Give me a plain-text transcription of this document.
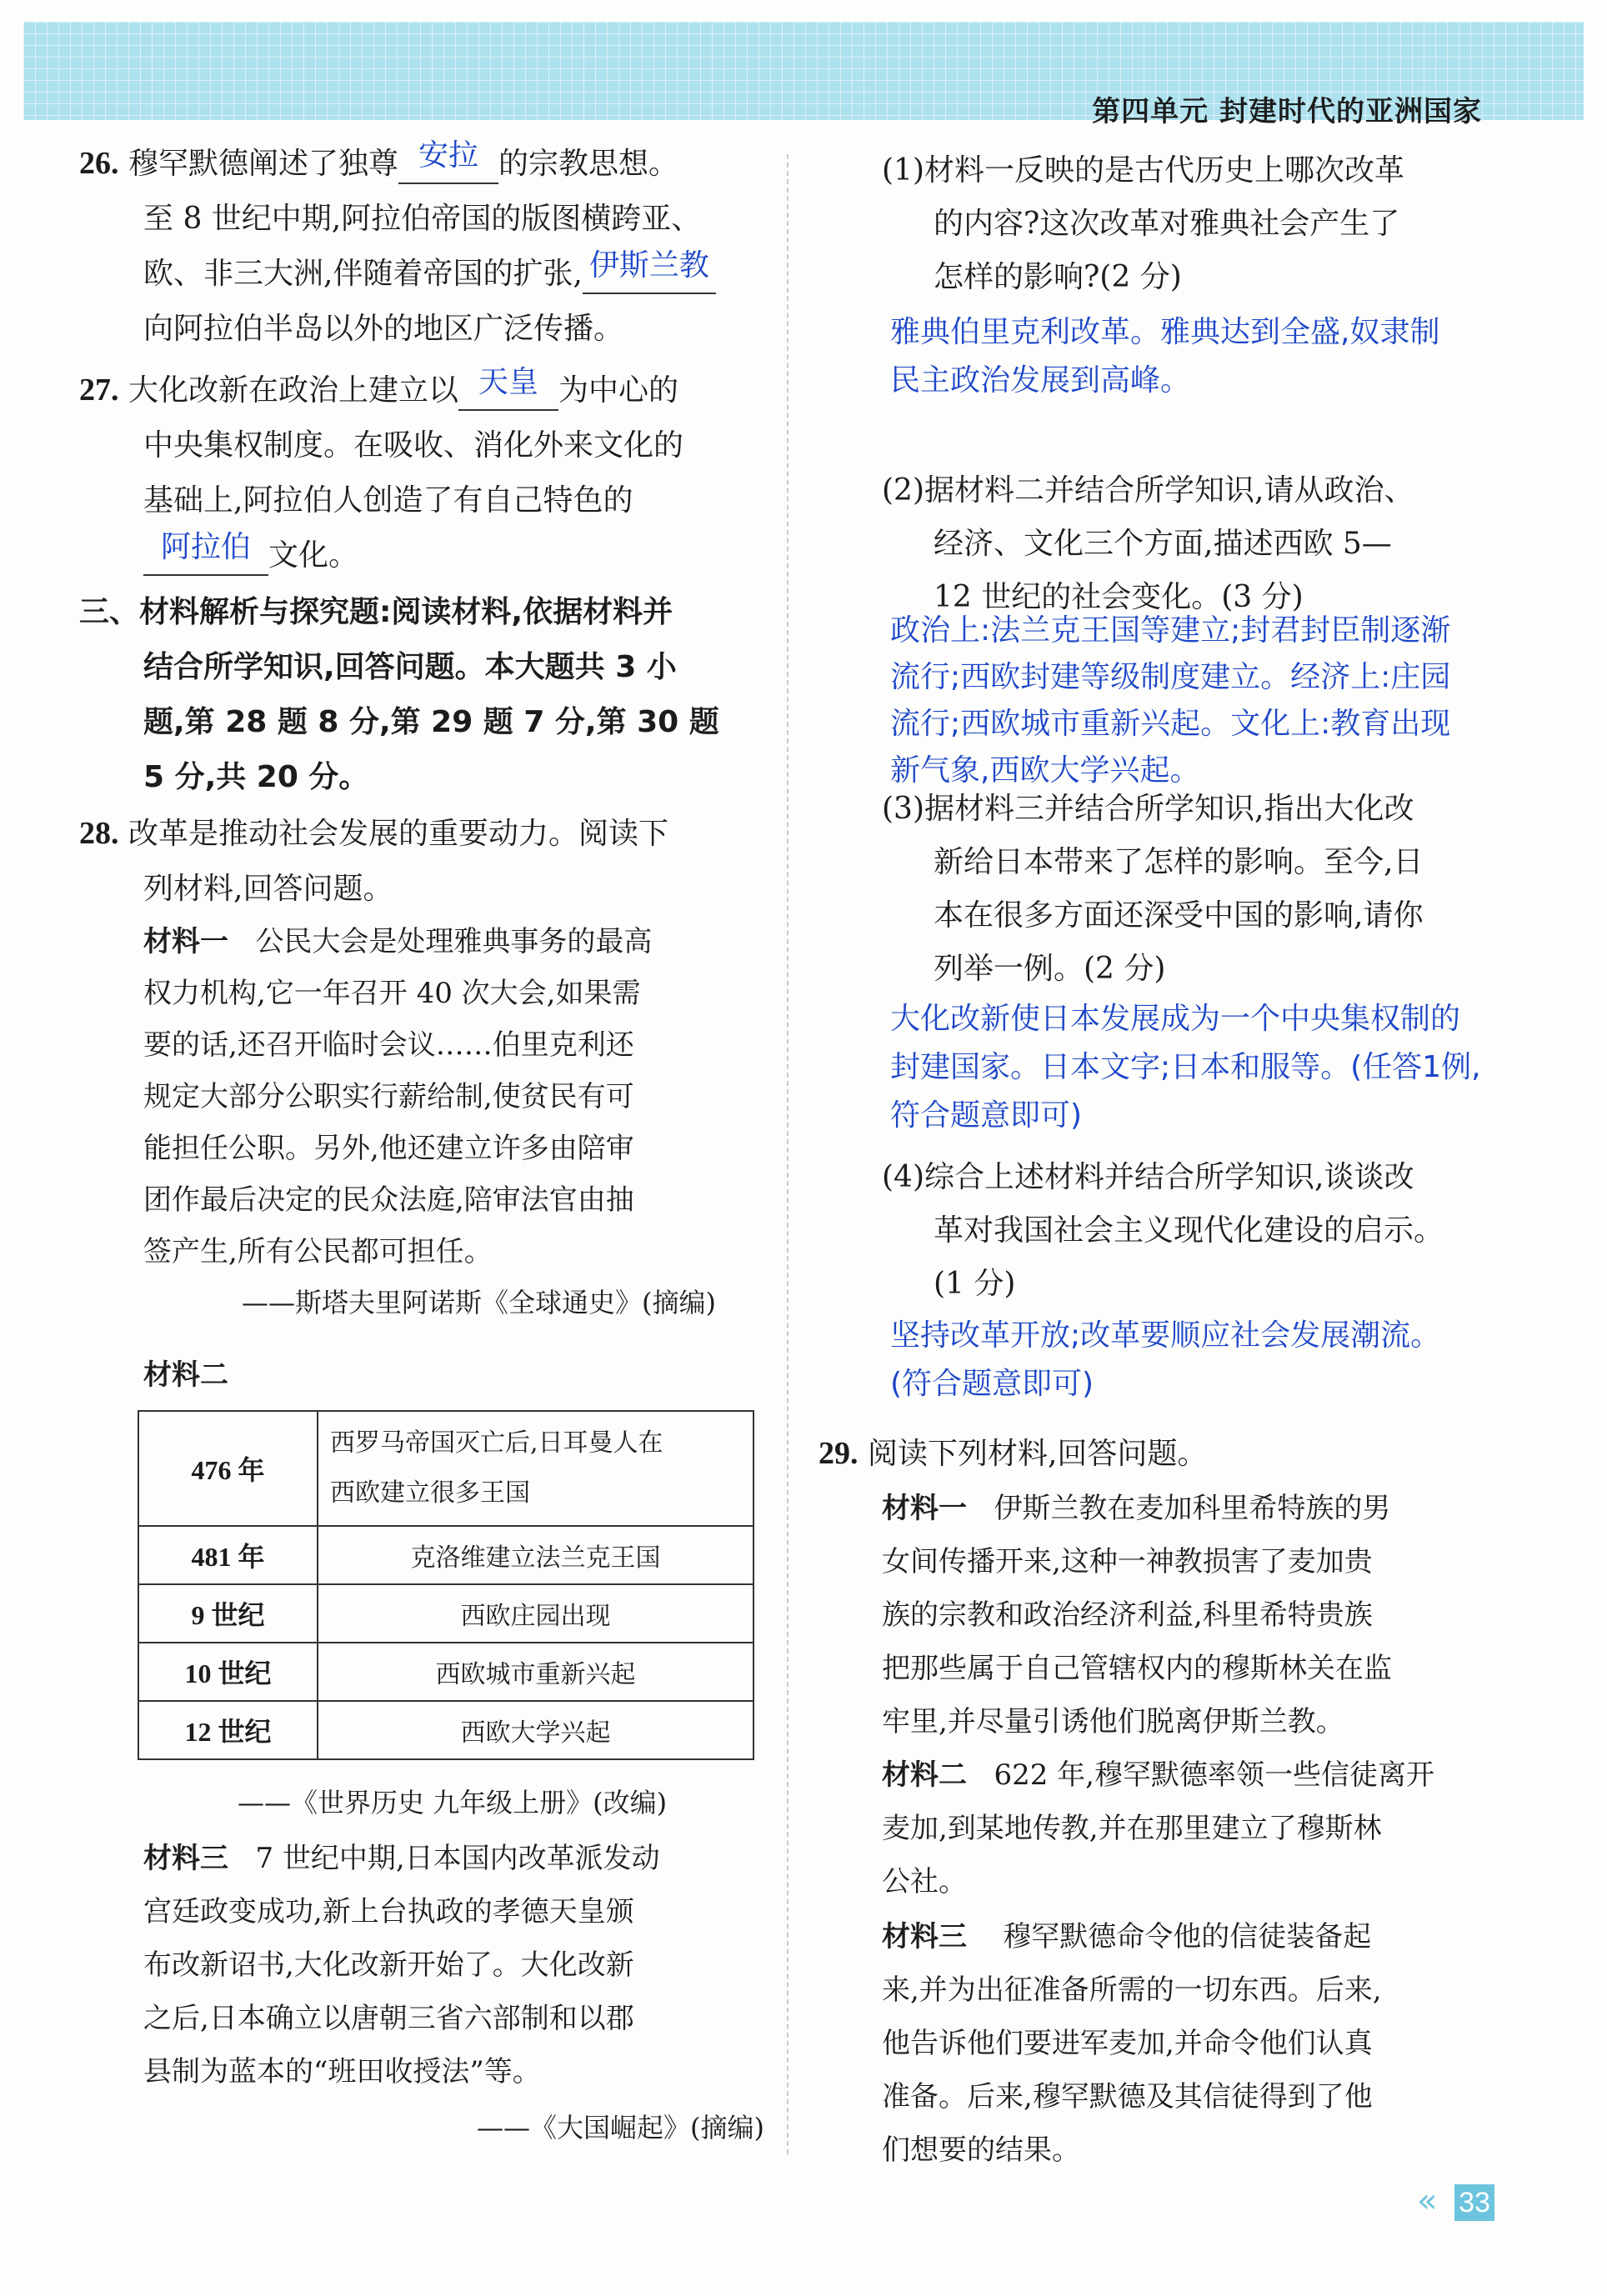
第四单元 封建时代的亚洲国家
26. 穆罕默德阐述了独尊 安拉 的宗教思想。
至 8 世纪中期,阿拉伯帝国的版图横跨亚、
欧、非三大洲,伴随着帝国的扩张, 伊斯兰教
向阿拉伯半岛以外的地区广泛传播。
27. 大化改新在政治上建立以 天皇 为中心的
中央集权制度。在吸收、消化外来文化的
基础上,阿拉伯人创造了有自己特色的
阿拉伯 文化。
三、材料解析与探究题:阅读材料,依据材料并
结合所学知识,回答问题。本大题共 3 小
题,第 28 题 8 分,第 29 题 7 分,第 30 题
5 分,共 20 分。
28. 改革是推动社会发展的重要动力。阅读下
列材料,回答问题。
材料一 公民大会是处理雅典事务的最高
权力机构,它一年召开 40 次大会,如果需
要的话,还召开临时会议……伯里克利还
规定大部分公职实行薪给制,使贫民有可
能担任公职。另外,他还建立许多由陪审
团作最后决定的民众法庭,陪审法官由抽
签产生,所有公民都可担任。
——斯塔夫里阿诺斯《全球通史》(摘编)
材料二
476 年	西罗马帝国灭亡后,日耳曼人在
西欧建立很多王国

481 年	克洛维建立法兰克王国
9 世纪	西欧庄园出现
10 世纪	西欧城市重新兴起
12 世纪	西欧大学兴起
——《世界历史 九年级上册》(改编)
材料三 7 世纪中期,日本国内改革派发动
宫廷政变成功,新上台执政的孝德天皇颁
布改新诏书,大化改新开始了。大化改新
之后,日本确立以唐朝三省六部制和以郡
县制为蓝本的“班田收授法”等。
——《大国崛起》(摘编)
(1)材料一反映的是古代历史上哪次改革
的内容?这次改革对雅典社会产生了
怎样的影响?(2 分)
雅典伯里克利改革。雅典达到全盛,奴隶制
民主政治发展到高峰。
(2)据材料二并结合所学知识,请从政治、
经济、文化三个方面,描述西欧 5—
12 世纪的社会变化。(3 分)
政治上:法兰克王国等建立;封君封臣制逐渐
流行;西欧封建等级制度建立。经济上:庄园
流行;西欧城市重新兴起。文化上:教育出现
新气象,西欧大学兴起。
(3)据材料三并结合所学知识,指出大化改
新给日本带来了怎样的影响。至今,日
本在很多方面还深受中国的影响,请你
列举一例。(2 分)
大化改新使日本发展成为一个中央集权制的
封建国家。日本文字;日本和服等。(任答1例,
符合题意即可)
(4)综合上述材料并结合所学知识,谈谈改
革对我国社会主义现代化建设的启示。
(1 分)
坚持改革开放;改革要顺应社会发展潮流。
(符合题意即可)
29. 阅读下列材料,回答问题。
材料一 伊斯兰教在麦加科里希特族的男
女间传播开来,这种一神教损害了麦加贵
族的宗教和政治经济利益,科里希特贵族
把那些属于自己管辖权内的穆斯林关在监
牢里,并尽量引诱他们脱离伊斯兰教。
材料二 622 年,穆罕默德率领一些信徒离开
麦加,到某地传教,并在那里建立了穆斯林
公社。
材料三 穆罕默德命令他的信徒装备起
来,并为出征准备所需的一切东西。后来,
他告诉他们要进军麦加,并命令他们认真
准备。后来,穆罕默德及其信徒得到了他
们想要的结果。
« 33
